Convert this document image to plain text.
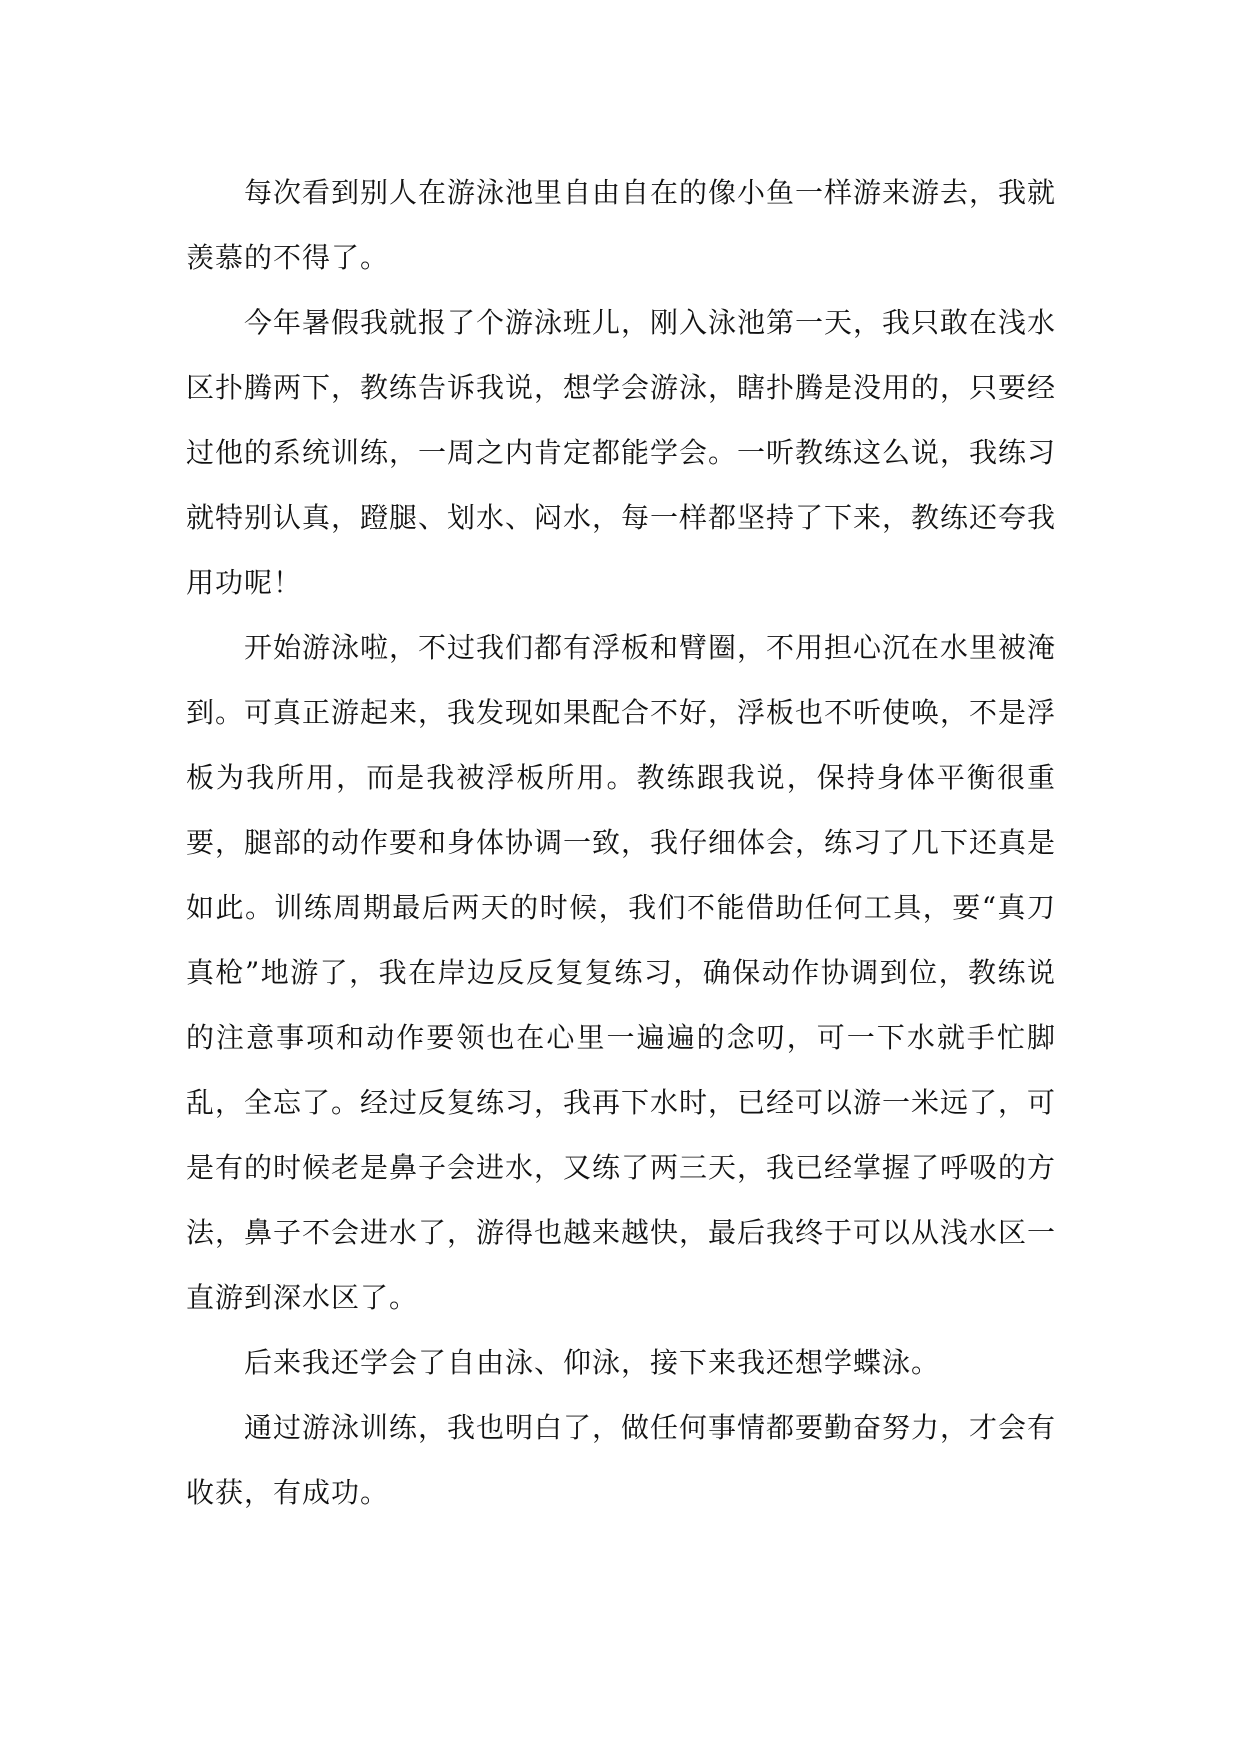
每次看到别人在游泳池里自由自在的像小鱼一样游来游去，我就羡慕的不得了。

今年暑假我就报了个游泳班儿，刚入泳池第一天，我只敢在浅水区扑腾两下，教练告诉我说，想学会游泳，瞎扑腾是没用的，只要经过他的系统训练，一周之内肯定都能学会。一听教练这么说，我练习就特别认真，蹬腿、划水、闷水，每一样都坚持了下来，教练还夸我用功呢！

开始游泳啦，不过我们都有浮板和臂圈，不用担心沉在水里被淹到。可真正游起来，我发现如果配合不好，浮板也不听使唤，不是浮板为我所用，而是我被浮板所用。教练跟我说，保持身体平衡很重要，腿部的动作要和身体协调一致，我仔细体会，练习了几下还真是如此。训练周期最后两天的时候，我们不能借助任何工具，要“真刀真枪”地游了，我在岸边反反复复练习，确保动作协调到位，教练说的注意事项和动作要领也在心里一遍遍的念叨，可一下水就手忙脚乱，全忘了。经过反复练习，我再下水时，已经可以游一米远了，可是有的时候老是鼻子会进水，又练了两三天，我已经掌握了呼吸的方法，鼻子不会进水了，游得也越来越快，最后我终于可以从浅水区一直游到深水区了。

后来我还学会了自由泳、仰泳，接下来我还想学蝶泳。

通过游泳训练，我也明白了，做任何事情都要勤奋努力，才会有收获，有成功。
